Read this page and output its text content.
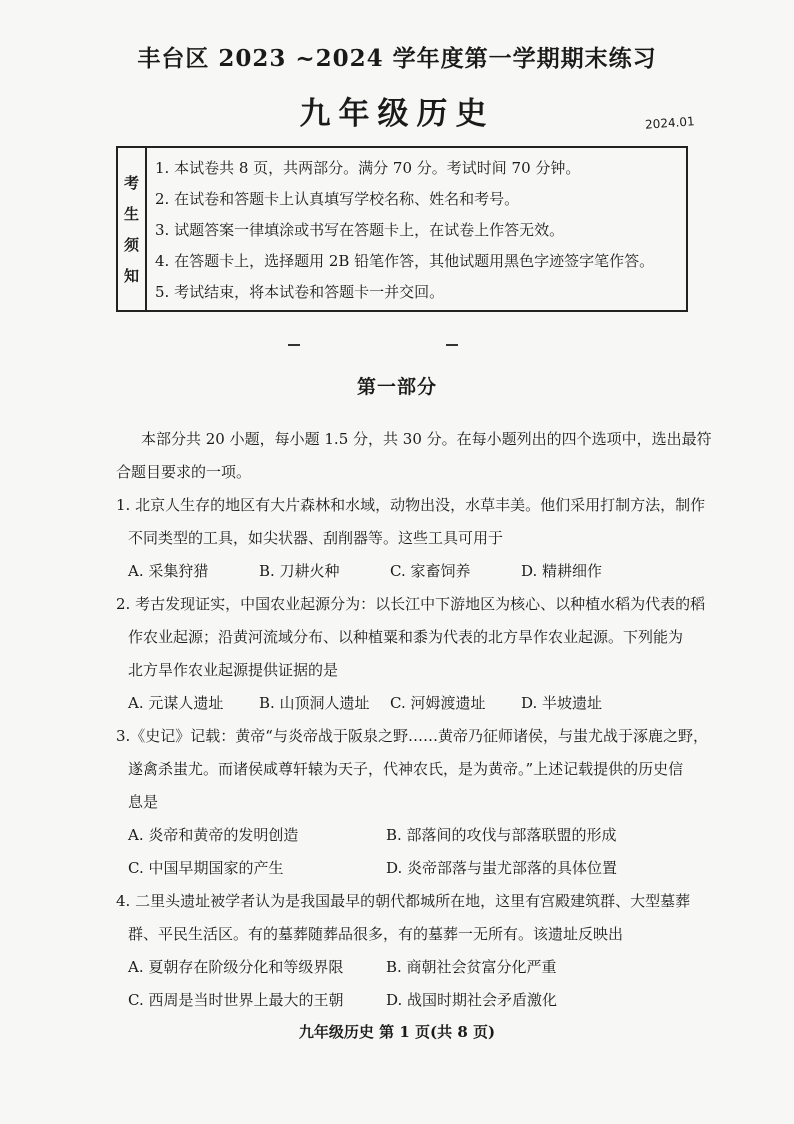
丰台区 2023 ~2024 学年度第一学期期末练习
九年级历史	2024.01
考
生
须
知
1. 本试卷共 8 页，共两部分。满分 70 分。考试时间 70 分钟。
2. 在试卷和答题卡上认真填写学校名称、姓名和考号。
3. 试题答案一律填涂或书写在答题卡上，在试卷上作答无效。
4. 在答题卡上，选择题用 2B 铅笔作答，其他试题用黑色字迹签字笔作答。
5. 考试结束，将本试卷和答题卡一并交回。
第一部分
本部分共 20 小题，每小题 1.5 分，共 30 分。在每小题列出的四个选项中，选出最符
合题目要求的一项。
1. 北京人生存的地区有大片森林和水域，动物出没，水草丰美。他们采用打制方法，制作
不同类型的工具，如尖状器、刮削器等。这些工具可用于
A. 采集狩猎	B. 刀耕火种	C. 家畜饲养	D. 精耕细作
2. 考古发现证实，中国农业起源分为：以长江中下游地区为核心、以种植水稻为代表的稻
作农业起源；沿黄河流域分布、以种植粟和黍为代表的北方旱作农业起源。下列能为
北方旱作农业起源提供证据的是
A. 元谋人遗址	B. 山顶洞人遗址	C. 河姆渡遗址	D. 半坡遗址
3.《史记》记载：黄帝“与炎帝战于阪泉之野……黄帝乃征师诸侯，与蚩尤战于涿鹿之野，
遂禽杀蚩尤。而诸侯咸尊轩辕为天子，代神农氏，是为黄帝。”上述记载提供的历史信
息是
A. 炎帝和黄帝的发明创造	B. 部落间的攻伐与部落联盟的形成
C. 中国早期国家的产生	D. 炎帝部落与蚩尤部落的具体位置
4. 二里头遗址被学者认为是我国最早的朝代都城所在地，这里有宫殿建筑群、大型墓葬
群、平民生活区。有的墓葬随葬品很多，有的墓葬一无所有。该遗址反映出
A. 夏朝存在阶级分化和等级界限	B. 商朝社会贫富分化严重
C. 西周是当时世界上最大的王朝	D. 战国时期社会矛盾激化
九年级历史 第 1 页(共 8 页)
